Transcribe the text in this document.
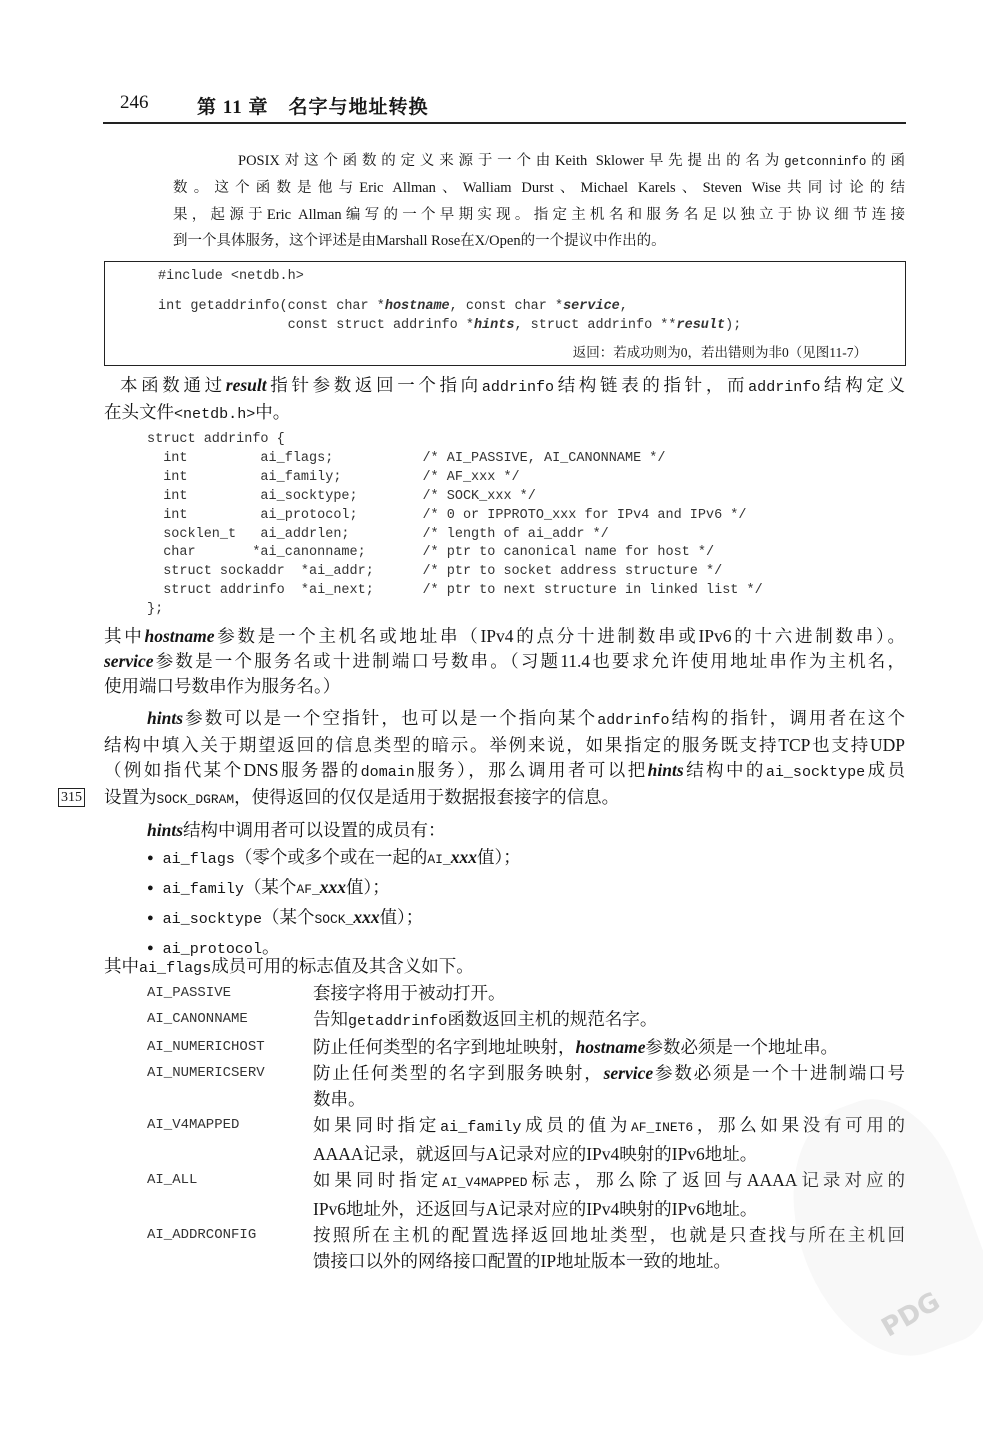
246	第 11 章　名字与地址转换
POSIX对这个函数的定义来源于一个由Keith Sklower早先提出的名为getconninfo的函
数。这个函数是他与Eric Allman、Walliam Durst、Michael Karels、Steven Wise共同讨论的结
果，起源于Eric Allman编写的一个早期实现。指定主机名和服务名足以独立于协议细节连接
到一个具体服务，这个评述是由Marshall Rose在X/Open的一个提议中作出的。
#include <netdb.h>
int getaddrinfo(const char *hostname, const char *service,
const struct addrinfo *hints, struct addrinfo **result);
返回：若成功则为0，若出错则为非0（见图11-7）
本函数通过result指针参数返回一个指向addrinfo结构链表的指针，而addrinfo结构定义
在头文件<netdb.h>中。
struct addrinfo {
int         ai_flags;           /* AI_PASSIVE, AI_CANONNAME */
int         ai_family;          /* AF_xxx */
int         ai_socktype;        /* SOCK_xxx */
int         ai_protocol;        /* 0 or IPPROTO_xxx for IPv4 and IPv6 */
socklen_t   ai_addrlen;         /* length of ai_addr */
char       *ai_canonname;       /* ptr to canonical name for host */
struct sockaddr  *ai_addr;      /* ptr to socket address structure */
struct addrinfo  *ai_next;      /* ptr to next structure in linked list */
};
其中hostname参数是一个主机名或地址串（IPv4的点分十进制数串或IPv6的十六进制数串）。
service参数是一个服务名或十进制端口号数串。（习题11.4也要求允许使用地址串作为主机名，
使用端口号数串作为服务名。）
hints参数可以是一个空指针，也可以是一个指向某个addrinfo结构的指针，调用者在这个
结构中填入关于期望返回的信息类型的暗示。举例来说，如果指定的服务既支持TCP也支持UDP
（例如指代某个DNS服务器的domain服务），那么调用者可以把hints结构中的ai_socktype成员
设置为SOCK_DGRAM，使得返回的仅仅是适用于数据报套接字的信息。
315
hints结构中调用者可以设置的成员有：
● ai_flags（零个或多个或在一起的AI_xxx值）；
● ai_family（某个AF_xxx值）；
● ai_socktype（某个SOCK_xxx值）；
● ai_protocol。
其中ai_flags成员可用的标志值及其含义如下。
AI_PASSIVE	套接字将用于被动打开。
AI_CANONNAME	告知getaddrinfo函数返回主机的规范名字。
AI_NUMERICHOST	防止任何类型的名字到地址映射，hostname参数必须是一个地址串。
AI_NUMERICSERV	防止任何类型的名字到服务映射，service参数必须是一个十进制端口号
数串。
AI_V4MAPPED	如果同时指定ai_family成员的值为AF_INET6，那么如果没有可用的
AAAA记录，就返回与A记录对应的IPv4映射的IPv6地址。
AI_ALL	如果同时指定AI_V4MAPPED标志，那么除了返回与AAAA记录对应的
IPv6地址外，还返回与A记录对应的IPv4映射的IPv6地址。
AI_ADDRCONFIG	按照所在主机的配置选择返回地址类型，也就是只查找与所在主机回
馈接口以外的网络接口配置的IP地址版本一致的地址。
PDG
